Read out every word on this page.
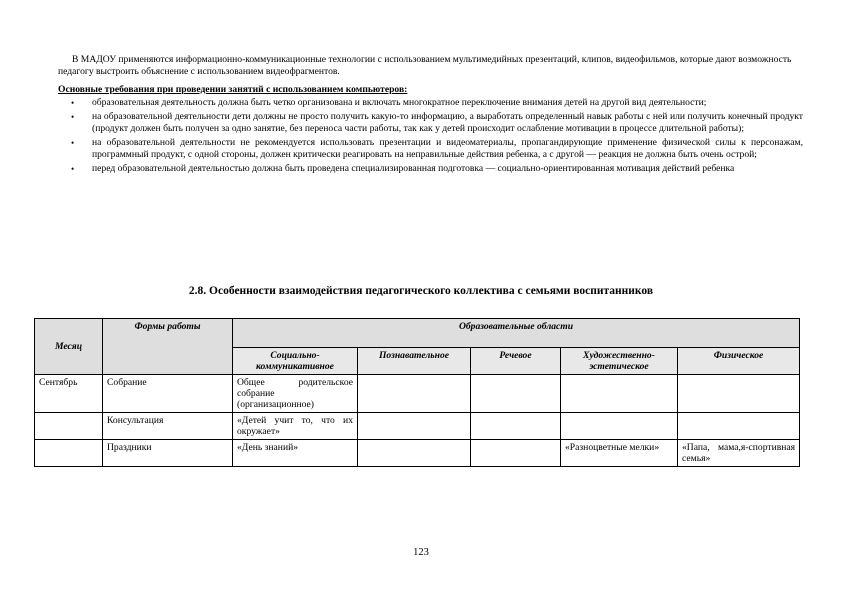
В МАДОУ применяются информационно-коммуникационные технологии с использованием мультимедийных презентаций, клипов, видеофильмов, которые дают возможность педагогу выстроить объяснение с использованием видеофрагментов.

Основные требования при проведении занятий с использованием компьютеров:
• образовательная деятельность должна быть четко организована и включать многократное переключение внимания детей на другой вид деятельности;
• на образовательной деятельности дети должны не просто получить какую-то информацию, а выработать определенный навык работы с ней или получить конечный продукт (продукт должен быть получен за одно занятие, без переноса части работы, так как у детей происходит ослабление мотивации в процессе длительной работы);
• на образовательной деятельности не рекомендуется использовать презентации и видеоматериалы, пропагандирующие применение физической силы к персонажам, программный продукт, с одной стороны, должен критически реагировать на неправильные действия ребенка, а с другой — реакция не должна быть очень острой;
• перед образовательной деятельностью должна быть проведена специализированная подготовка — социально-ориентированная мотивация действий ребенка
2.8. Особенности взаимодействия педагогического коллектива с семьями воспитанников
Месяц	Формы работы	Образовательные области				
		Социально-коммуникативное	Познавательное	Речевое	Художественно-эстетическое	Физическое
Сентябрь	Собрание	Общее родительское собрание (организационное)				
	Консультация	«Детей учит то, что их окружает»				
	Праздники	«День знаний»			«Разноцветные мелки»	«Папа, мама,я-спортивная семья»
123
